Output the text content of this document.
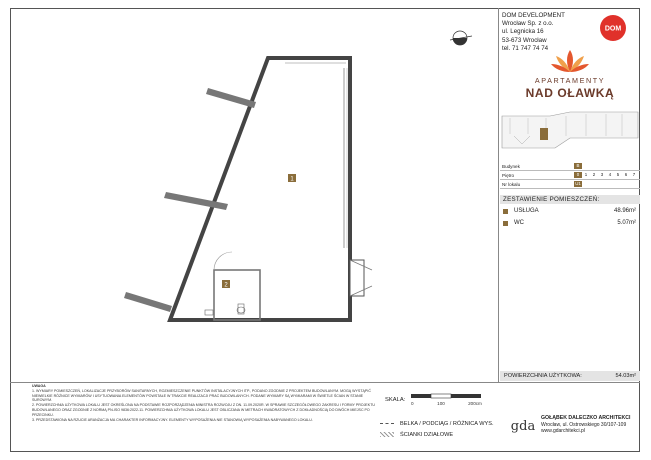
1
2
DOM DEVELOPMENT
Wrocław Sp. z o.o.
ul. Legnicka 16
53-673 Wrocław
tel. 71 747 74 74
DOM
APARTAMENTY
NAD OŁAWKĄ
Budynek	B
Piętro	0	1	2	3	4	5	6	7
Nr lokalu	U1
ZESTAWIENIE POMIESZCZEŃ:
USŁUGA	48.96m²
WC	5.07m²
POWIERZCHNIA UŻYTKOWA:	54.03m²
UWAGA
1. WYMIARY POMIESZCZEŃ, LOKALIZACJE PRZYBORÓW SANITARNYCH, ROZMIESZCZENIE PUNKTÓW INSTALACYJNYCH ITP., PODANO ZGODNIE Z PROJEKTEM BUDOWLANYM. MOGĄ WYSTĄPIĆ NIEWIELKIE RÓŻNICE WYMIARÓW I USYTUOWANIA ELEMENTÓW POWSTAŁE W TRAKCIE REALIZACJI PRAC BUDOWLANYCH. PODANE WYMIARY SĄ WYMIARAMI W ŚWIETLE ŚCIAN W STANIE SUROWYM.
2. POWIERZCHNIA UŻYTKOWA LOKALU JEST OKREŚLONA NA PODSTAWIE ROZPORZĄDZENIA MINISTRA ROZWOJU Z DN. 11.09.2020R. W SPRAWIE SZCZEGÓŁOWEGO ZAKRESU I FORMY PROJEKTU BUDOWLANEGO ORAZ ZGODNIE Z NORMĄ PN-ISO 9836:2022-11. POWIERZCHNIA UŻYTKOWA LOKALU JEST OBLICZANA W METRACH KWADRATOWYCH Z DOKŁADNOŚCIĄ DO DWÓCH MIEJSC PO PRZECINKU.
3. PRZEDSTAWIONA NA RZUCIE ARANŻACJA MA CHARAKTER INFORMACYJNY. ELEMENTY WYPOSAŻENIA NIE STANOWIĄ WYPOSAŻENIA NABYWANEGO LOKALU.
SKALA:
0	100	200cm
BELKA / PODCIĄG / RÓŻNICA WYS.
ŚCIANKI DZIAŁOWE
gda
GOŁĄBEK DALECZKO ARCHITEKCI
Wrocław, ul. Ostrowskiego 30/107-109
www.gdarchitekci.pl
